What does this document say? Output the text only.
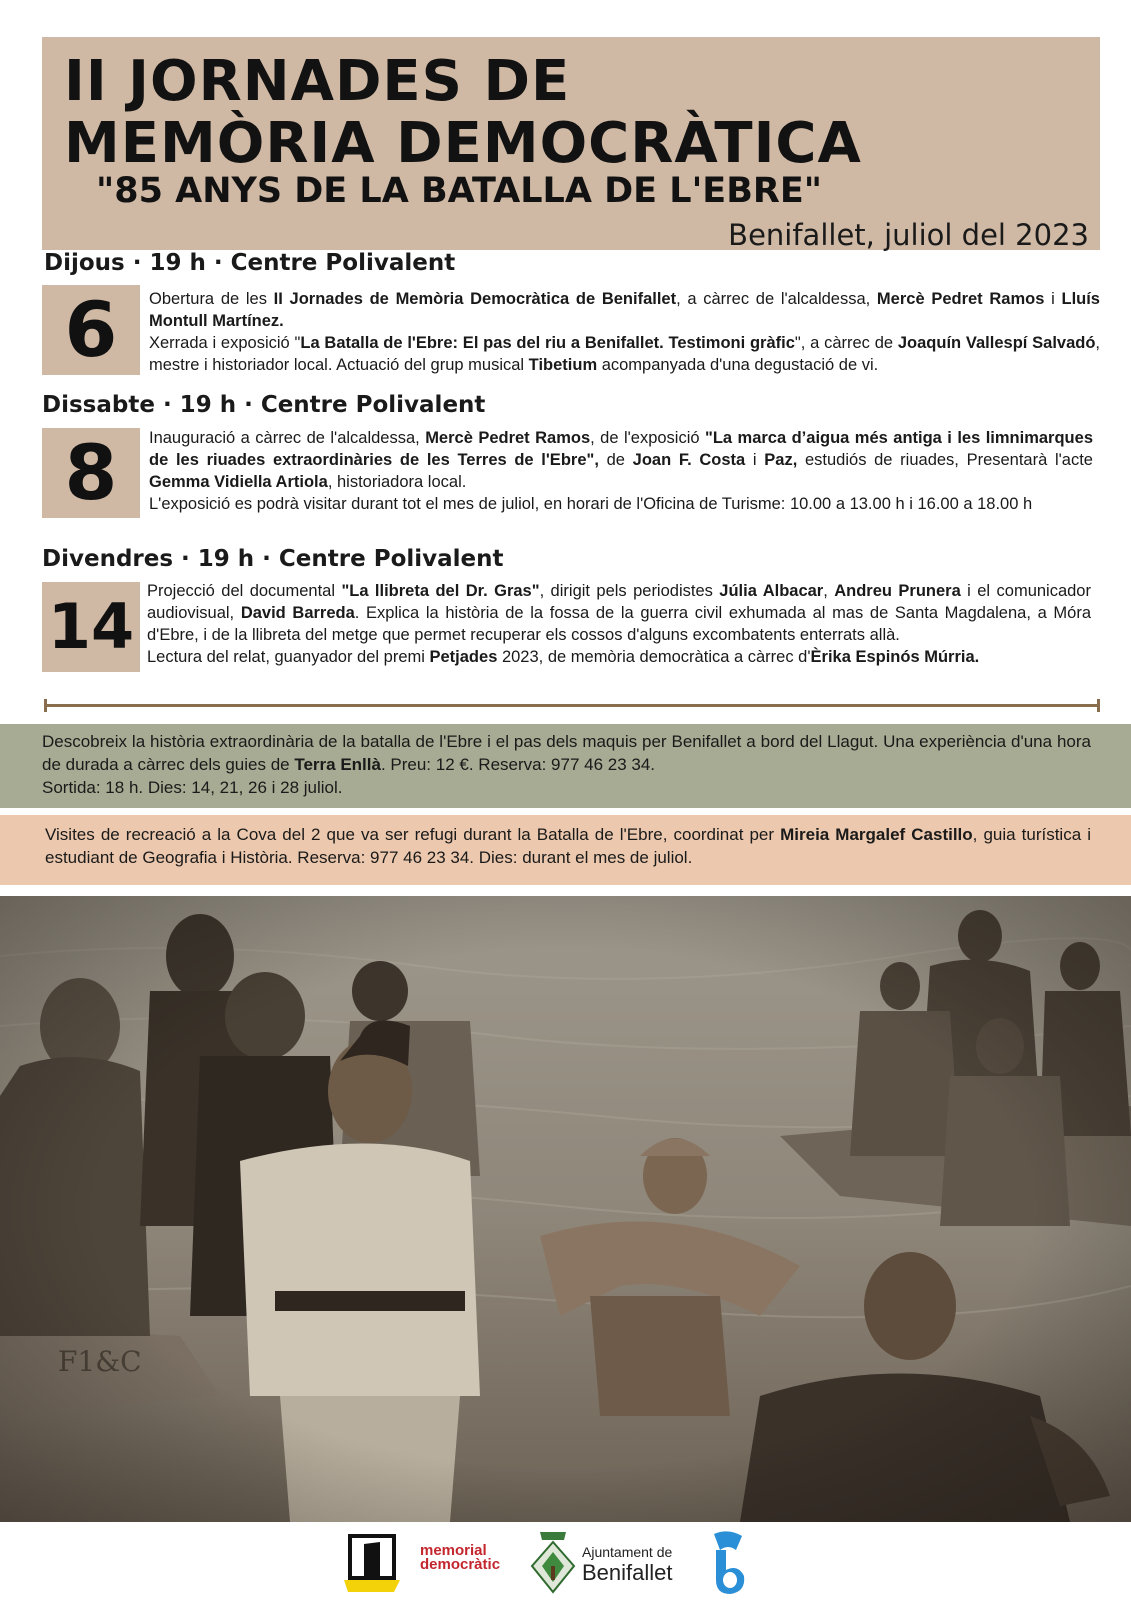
II JORNADES DE
MEMÒRIA DEMOCRÀTICA
"85 ANYS DE LA BATALLA DE L'EBRE"
Benifallet, juliol del 2023
Dijous · 19 h · Centre Polivalent
6	Obertura de les II Jornades de Memòria Democràtica de Benifallet, a càrrec de l'alcaldessa, Mercè Pedret Ramos i Lluís Montull Martínez.

Xerrada i exposició "La Batalla de l'Ebre: El pas del riu a Benifallet. Testimoni gràfic", a càrrec de Joaquín Vallespí Salvadó, mestre i historiador local. Actuació del grup musical Tibetium acompanyada d'una degustació de vi.

Dissabte · 19 h · Centre Polivalent
8	Inauguració a càrrec de l'alcaldessa, Mercè Pedret Ramos, de l'exposició "La marca d’aigua més antiga i les limnimarques de les riuades extraordinàries de les Terres de l'Ebre", de Joan F. Costa i Paz, estudiós de riuades, Presentarà l'acte Gemma Vidiella Artiola, historiadora local.

L'exposició es podrà visitar durant tot el mes de juliol, en horari de l'Oficina de Turisme: 10.00 a 13.00 h i 16.00 a 18.00 h

Divendres · 19 h · Centre Polivalent
14 Projecció del documental "La llibreta del Dr. Gras", dirigit pels periodistes Júlia Albacar, Andreu Prunera i el comunicador audiovisual, David Barreda. Explica la història de la fossa de la guerra civil exhumada al mas de Santa Magdalena, a Móra d'Ebre, i de la llibreta del metge que permet recuperar els cossos d'alguns excombatents enterrats allà.

Lectura del relat, guanyador del premi Petjades 2023, de memòria democràtica a càrrec d'Èrika Espinós Múrria.

Descobreix la història extraordinària de la batalla de l'Ebre i el pas dels maquis per Benifallet a bord del Llagut. Una experiència d'una hora de durada a càrrec dels guies de Terra Enllà. Preu: 12 €. Reserva: 977 46 23 34.
Sortida: 18 h. Dies: 14, 21, 26 i 28 juliol.

Visites de recreació a la Cova del 2 que va ser refugi durant la Batalla de l'Ebre, coordinat per Mireia Margalef Castillo, guia turística i estudiant de Geografia i Història. Reserva: 977 46 23 34. Dies: durant el mes de juliol.

memorial
democràtic
Ajuntament de
Benifallet
